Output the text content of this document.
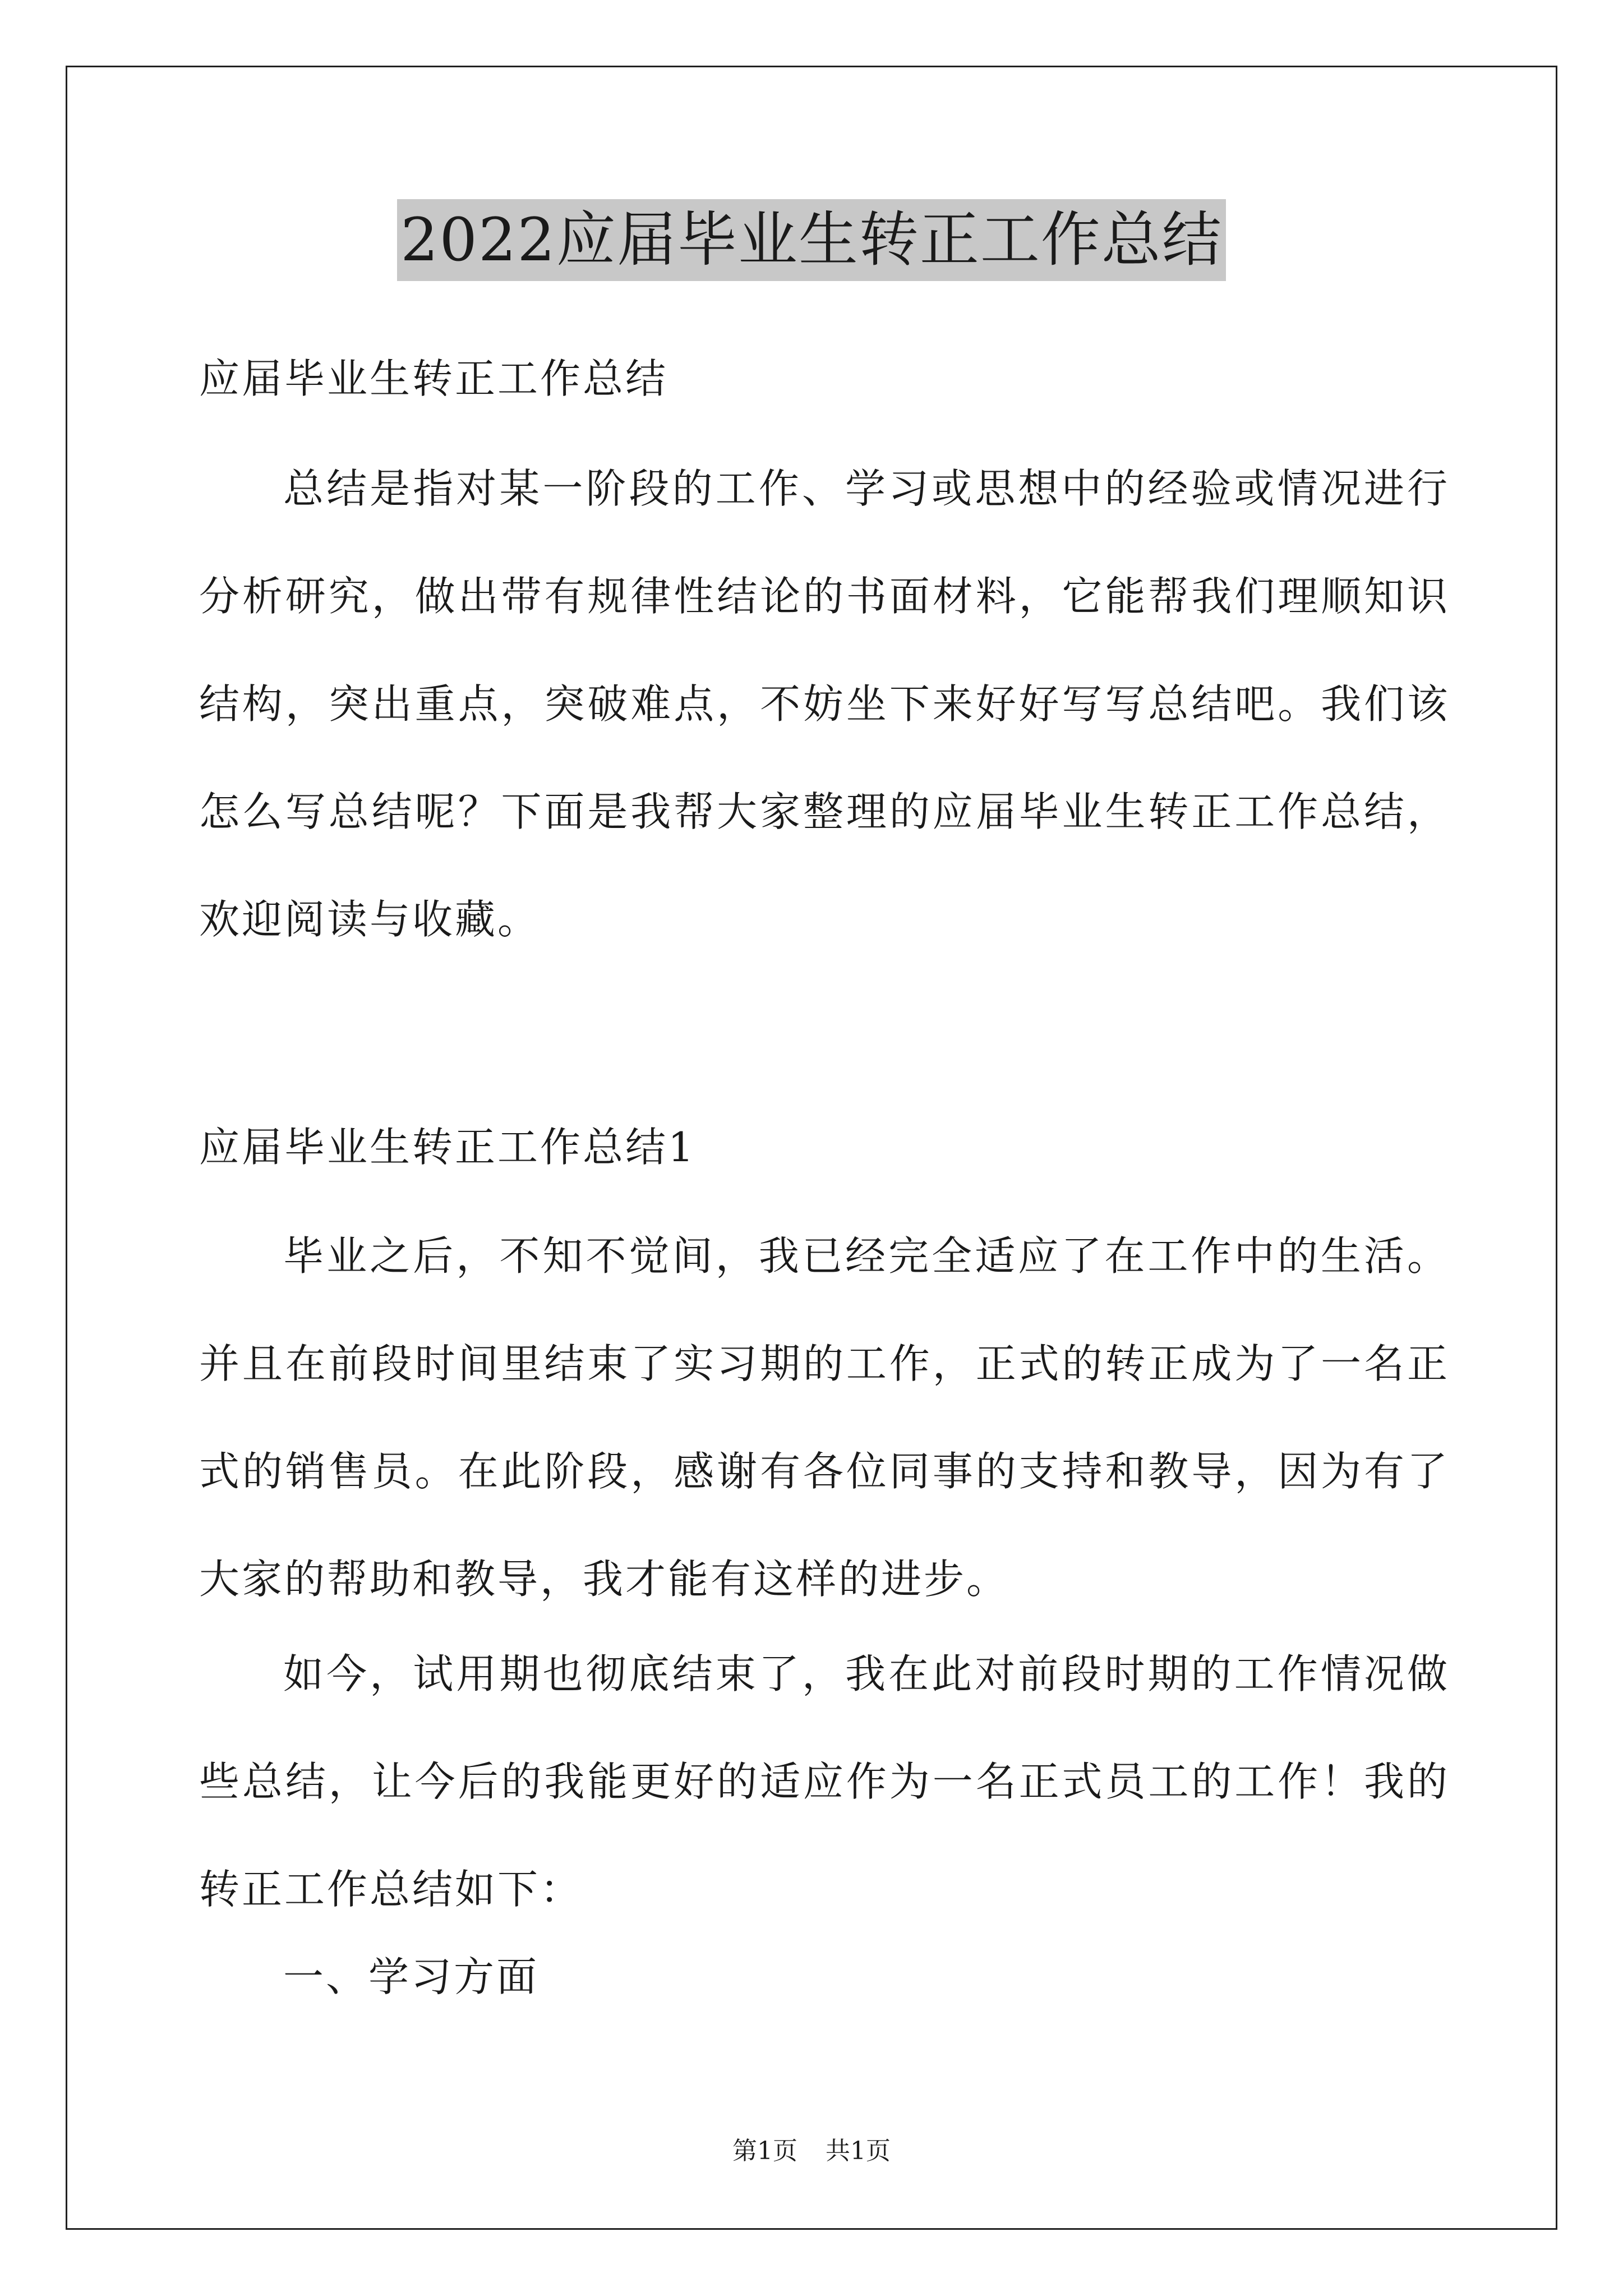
2022应届毕业生转正工作总结

应届毕业生转正工作总结

总结是指对某一阶段的工作、学习或思想中的经验或情况进行分析研究，做出带有规律性结论的书面材料，它能帮我们理顺知识结构，突出重点，突破难点，不妨坐下来好好写写总结吧。我们该怎么写总结呢？下面是我帮大家整理的应届毕业生转正工作总结，欢迎阅读与收藏。

应届毕业生转正工作总结1

毕业之后，不知不觉间，我已经完全适应了在工作中的生活。并且在前段时间里结束了实习期的工作，正式的转正成为了一名正式的销售员。在此阶段，感谢有各位同事的支持和教导，因为有了大家的帮助和教导，我才能有这样的进步。

如今，试用期也彻底结束了，我在此对前段时期的工作情况做些总结，让今后的我能更好的适应作为一名正式员工的工作！我的转正工作总结如下：

一、学习方面

第1页 共1页
